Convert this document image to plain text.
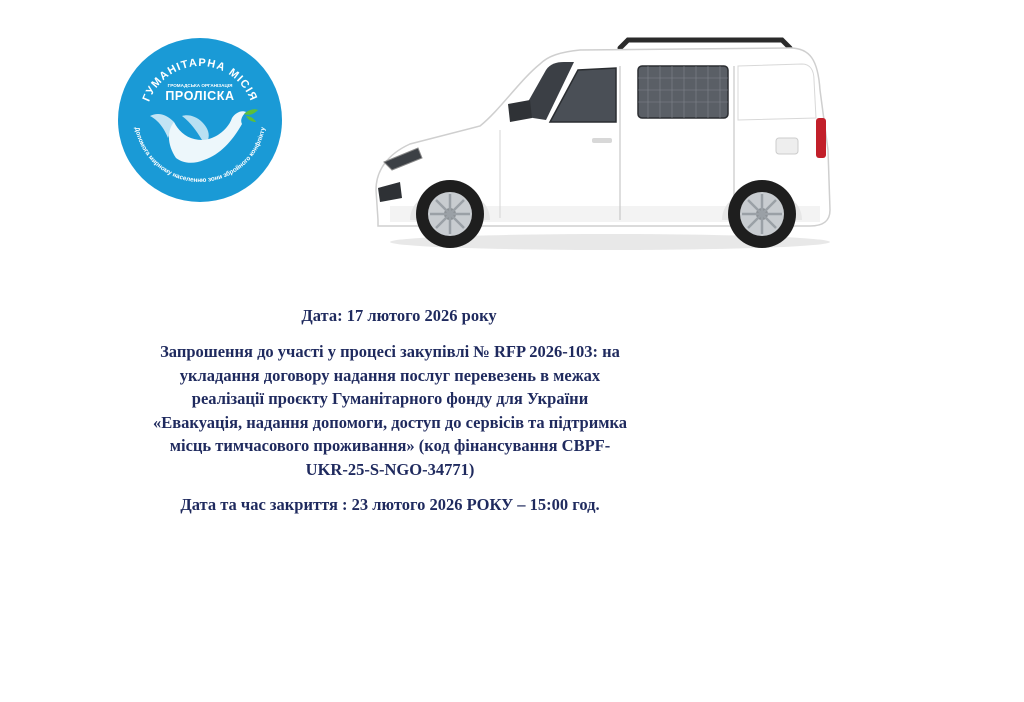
ГУМАНІТАРНА МІСІЯ
ГРОМАДСЬКА ОРГАНІЗАЦІЯ
ПРОЛІСКА
Допомога мирному населенню зони збройного конфлікту

Дата: 17 лютого 2026 року

Запрошення до участі у процесі закупівлі № RFP 2026-103: на
укладання договору надання послуг перевезень в межах
реалізації проєкту Гуманітарного фонду для України
«Евакуація, надання допомоги, доступ до сервісів та підтримка
місць тимчасового проживання» (код фінансування CBPF-
UKR-25-S-NGO-34771)

Дата та час закриття : 23 лютого 2026 РОКУ – 15:00 год.
